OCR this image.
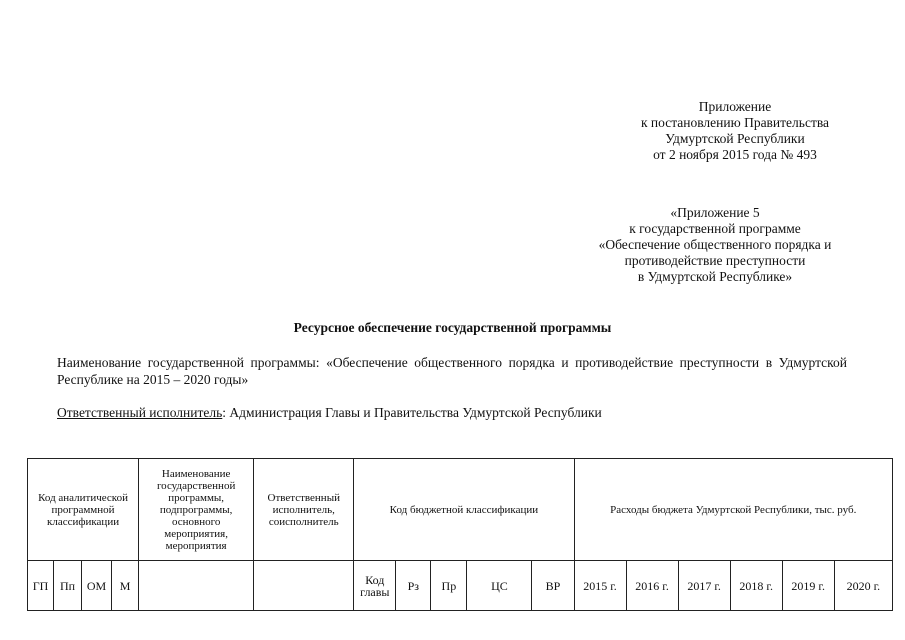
Приложение
к постановлению Правительства
Удмуртской Республики
от 2 ноября 2015 года № 493
«Приложение 5
к государственной программе
«Обеспечение общественного порядка и
противодействие преступности
в Удмуртской Республике»
Ресурсное обеспечение государственной программы
Наименование государственной программы: «Обеспечение общественного порядка и противодействие преступности в Удмуртской Республике на 2015 – 2020 годы»
Ответственный исполнитель: Администрация Главы и Правительства Удмуртской Республики
Код аналитической программной классификации				Наименование государственной программы, подпрограммы, основного мероприятия, мероприятия	Ответственный исполнитель, соисполнитель	Код бюджетной классификации					Расходы бюджета Удмуртской Республики, тыс. руб.					
ГП	Пп	ОМ	М			Код главы	Рз	Пр	ЦС	ВР	2015 г.	2016 г.	2017 г.	2018 г.	2019 г.	2020 г.
